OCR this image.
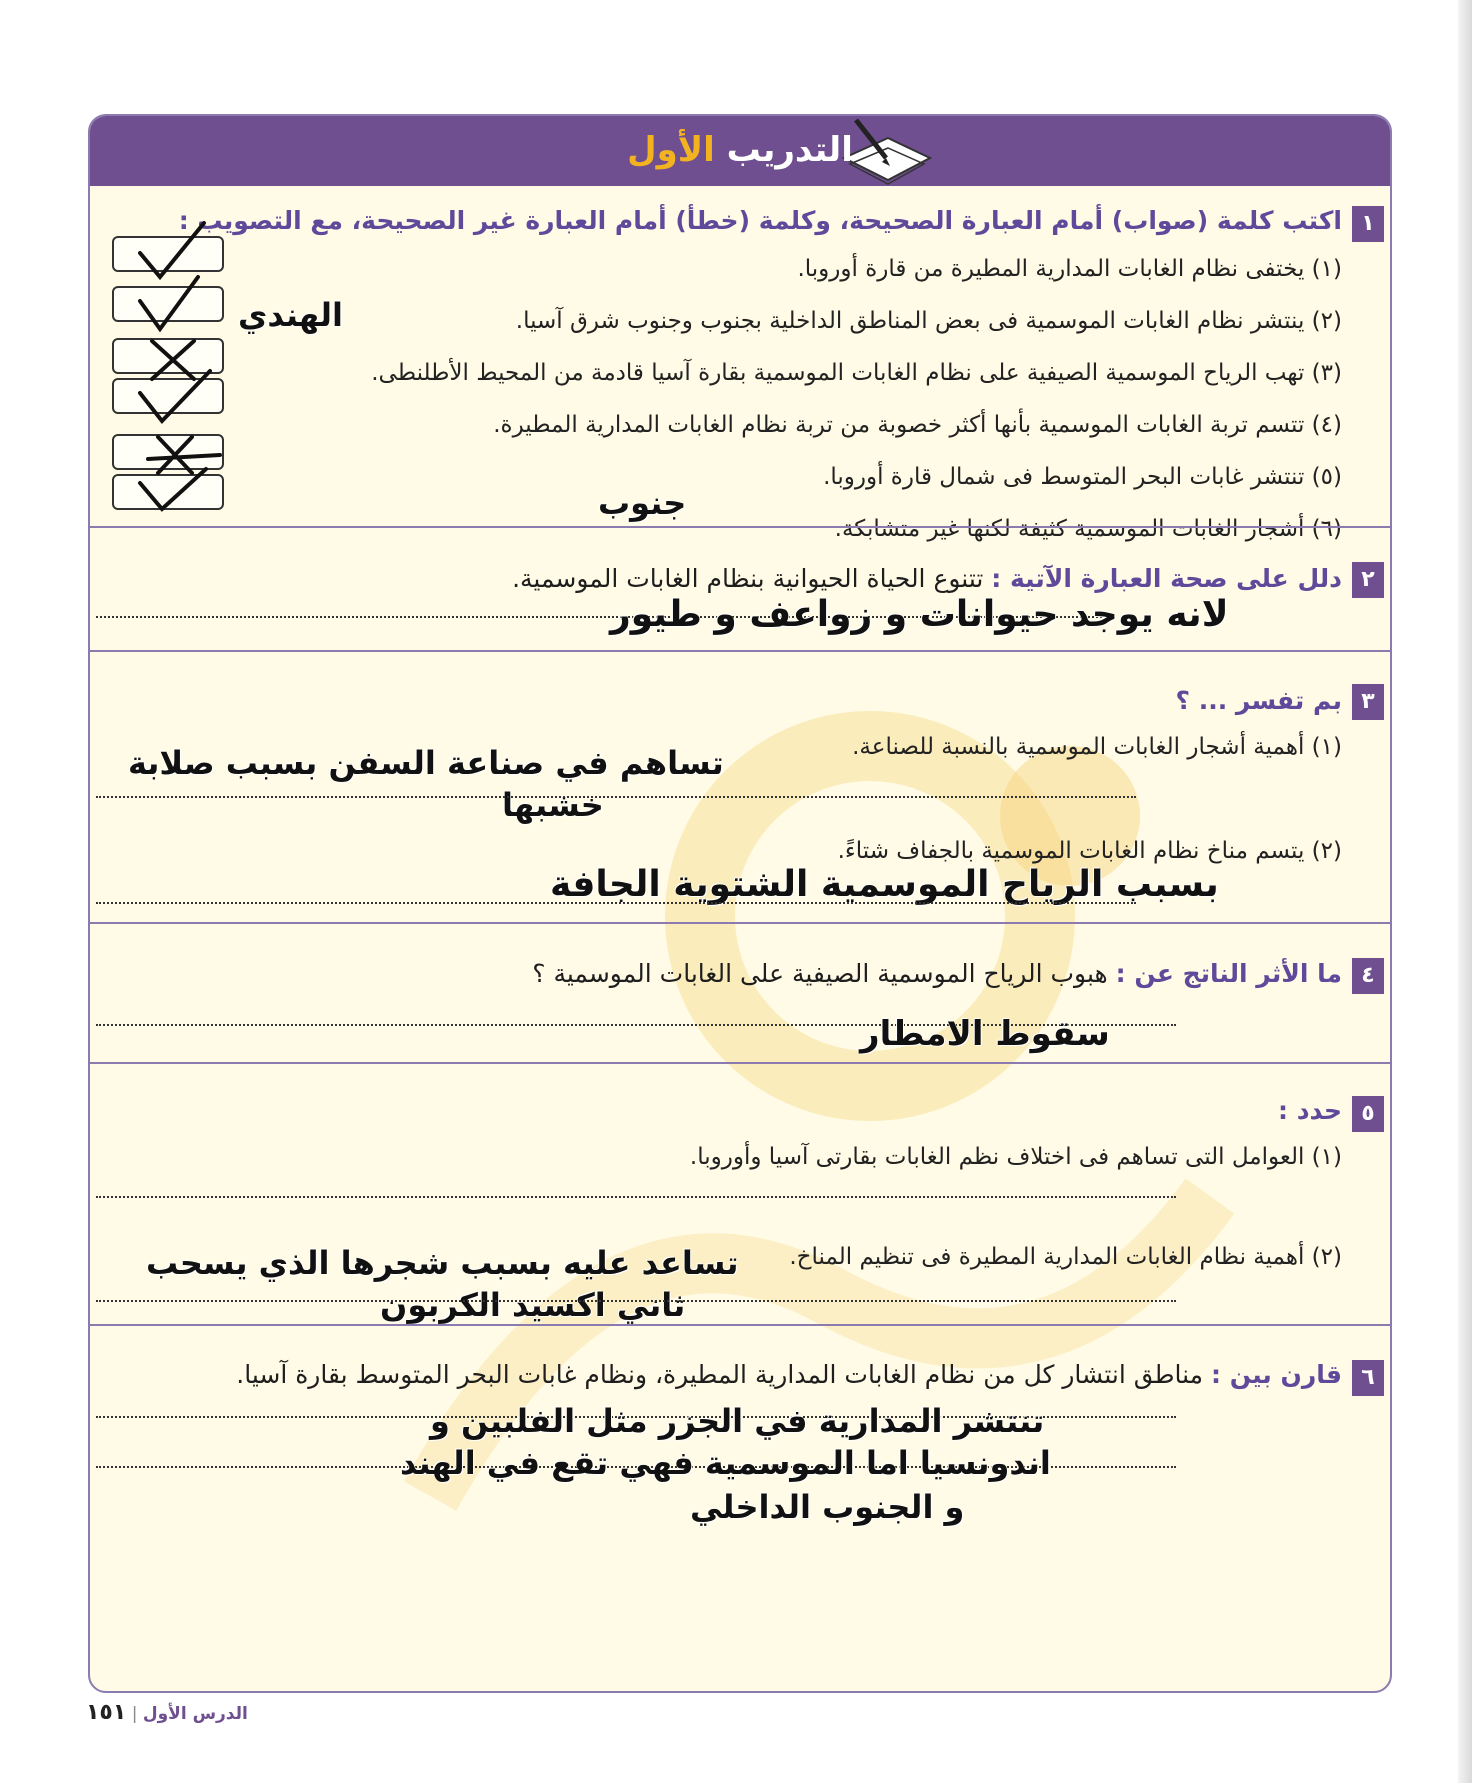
التدريب الأول
١
اكتب كلمة (صواب) أمام العبارة الصحيحة، وكلمة (خطأ) أمام العبارة غير الصحيحة، مع التصويب :
(١) يختفى نظام الغابات المدارية المطيرة من قارة أوروبا.
(٢) ينتشر نظام الغابات الموسمية فى بعض المناطق الداخلية بجنوب وجنوب شرق آسيا.
(٣) تهب الرياح الموسمية الصيفية على نظام الغابات الموسمية بقارة آسيا قادمة من المحيط الأطلنطى.
(٤) تتسم تربة الغابات الموسمية بأنها أكثر خصوبة من تربة نظام الغابات المدارية المطيرة.
(٥) تنتشر غابات البحر المتوسط فى شمال قارة أوروبا.
(٦) أشجار الغابات الموسمية كثيفة لكنها غير متشابكة.
الهندي
جنوب
٢
دلل على صحة العبارة الآتية : تتنوع الحياة الحيوانية بنظام الغابات الموسمية.
لانه يوجد حيوانات و زواعف و طيور
٣
بم تفسر ... ؟
(١) أهمية أشجار الغابات الموسمية بالنسبة للصناعة.
تساهم في صناعة السفن بسبب صلابة
خشبها
(٢) يتسم مناخ نظام الغابات الموسمية بالجفاف شتاءً.
بسبب الرياح الموسمية الشتوية الجافة
٤
ما الأثر الناتج عن : هبوب الرياح الموسمية الصيفية على الغابات الموسمية ؟
سقوط الامطار
٥
حدد :
(١) العوامل التى تساهم فى اختلاف نظم الغابات بقارتى آسيا وأوروبا.
(٢) أهمية نظام الغابات المدارية المطيرة فى تنظيم المناخ.
تساعد عليه بسبب شجرها الذي يسحب
ثاني اكسيد الكربون
٦
قارن بين : مناطق انتشار كل من نظام الغابات المدارية المطيرة، ونظام غابات البحر المتوسط بقارة آسيا.
تنتشر المدارية في الجزر مثل الفلبين و
اندونسيا اما الموسمية فهي تقع في الهند
و الجنوب الداخلي
الدرس الأول | ١٥١
